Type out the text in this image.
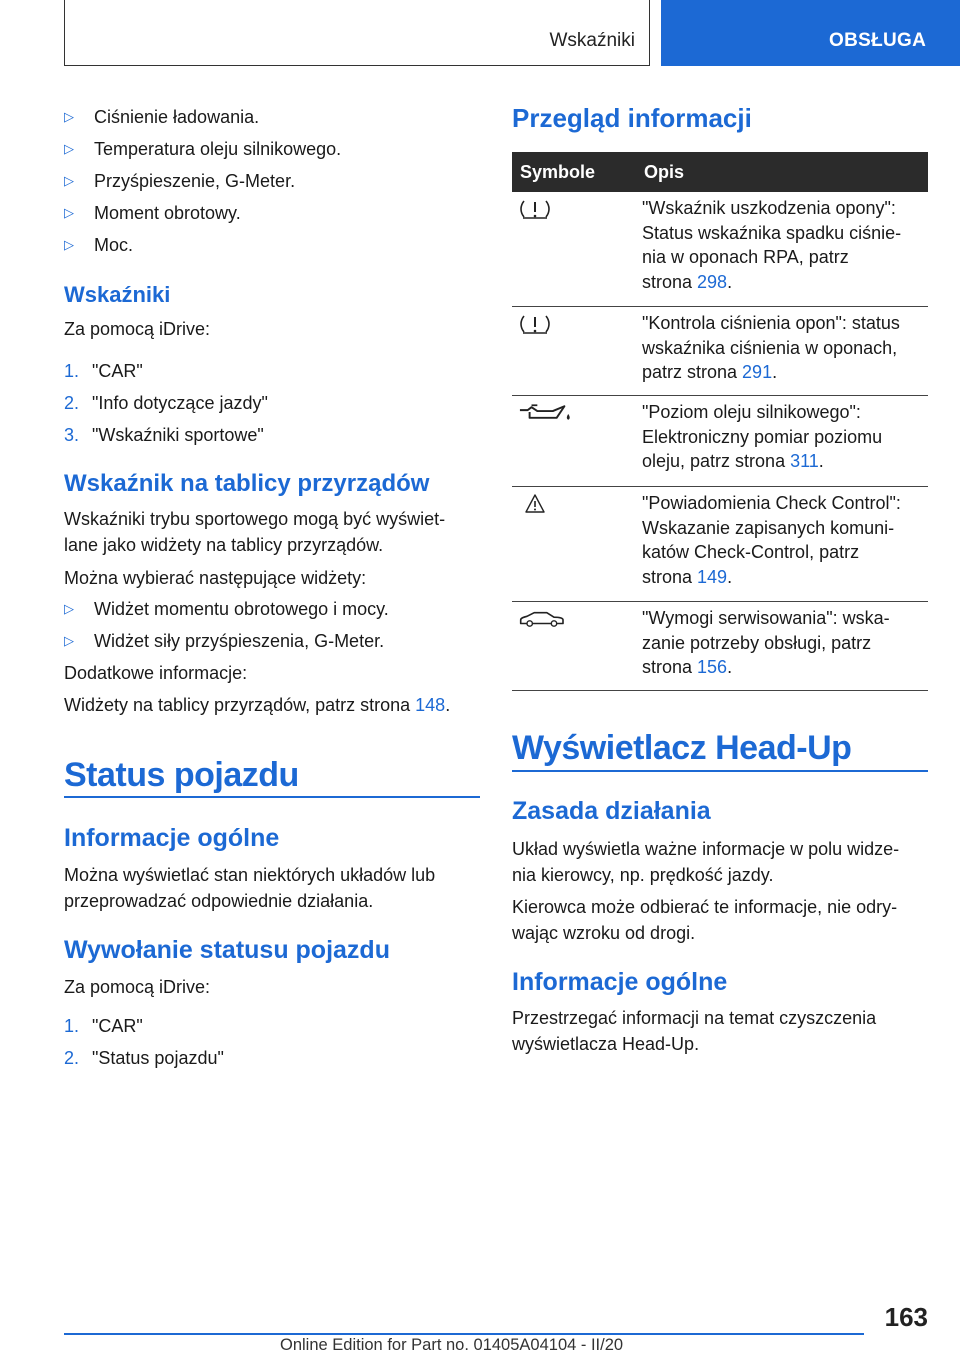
Wskaźniki	OBSŁUGA
▷ Ciśnienie ładowania.
▷ Temperatura oleju silnikowego.
▷ Przyśpieszenie, G-Meter.
▷ Moment obrotowy.
▷ Moc.
Wskaźniki
Za pomocą iDrive:
1. "CAR"
2. "Info dotyczące jazdy"
3. "Wskaźniki sportowe"
Wskaźnik na tablicy przyrządów
Wskaźniki trybu sportowego mogą być wyświet-
lane jako widżety na tablicy przyrządów.
Można wybierać następujące widżety:
▷ Widżet momentu obrotowego i mocy.
▷ Widżet siły przyśpieszenia, G-Meter.
Dodatkowe informacje:
Widżety na tablicy przyrządów, patrz strona 148.
Status pojazdu
Informacje ogólne
Można wyświetlać stan niektórych układów lub
przeprowadzać odpowiednie działania.
Wywołanie statusu pojazdu
Za pomocą iDrive:
1. "CAR"
2. "Status pojazdu"
Przegląd informacji
Symbole	Opis
"Wskaźnik uszkodzenia opony":
Status wskaźnika spadku ciśnie-
nia w oponach RPA, patrz
strona 298.
"Kontrola ciśnienia opon": status
wskaźnika ciśnienia w oponach,
patrz strona 291.
"Poziom oleju silnikowego":
Elektroniczny pomiar poziomu
oleju, patrz strona 311.
"Powiadomienia Check Control":
Wskazanie zapisanych komuni-
katów Check-Control, patrz
strona 149.
"Wymogi serwisowania": wska-
zanie potrzeby obsługi, patrz
strona 156.
Wyświetlacz Head-Up
Zasada działania
Układ wyświetla ważne informacje w polu widze-
nia kierowcy, np. prędkość jazdy.
Kierowca może odbierać te informacje, nie odry-
wając wzroku od drogi.
Informacje ogólne
Przestrzegać informacji na temat czyszczenia
wyświetlacza Head-Up.
163
Online Edition for Part no. 01405A04104 - II/20
